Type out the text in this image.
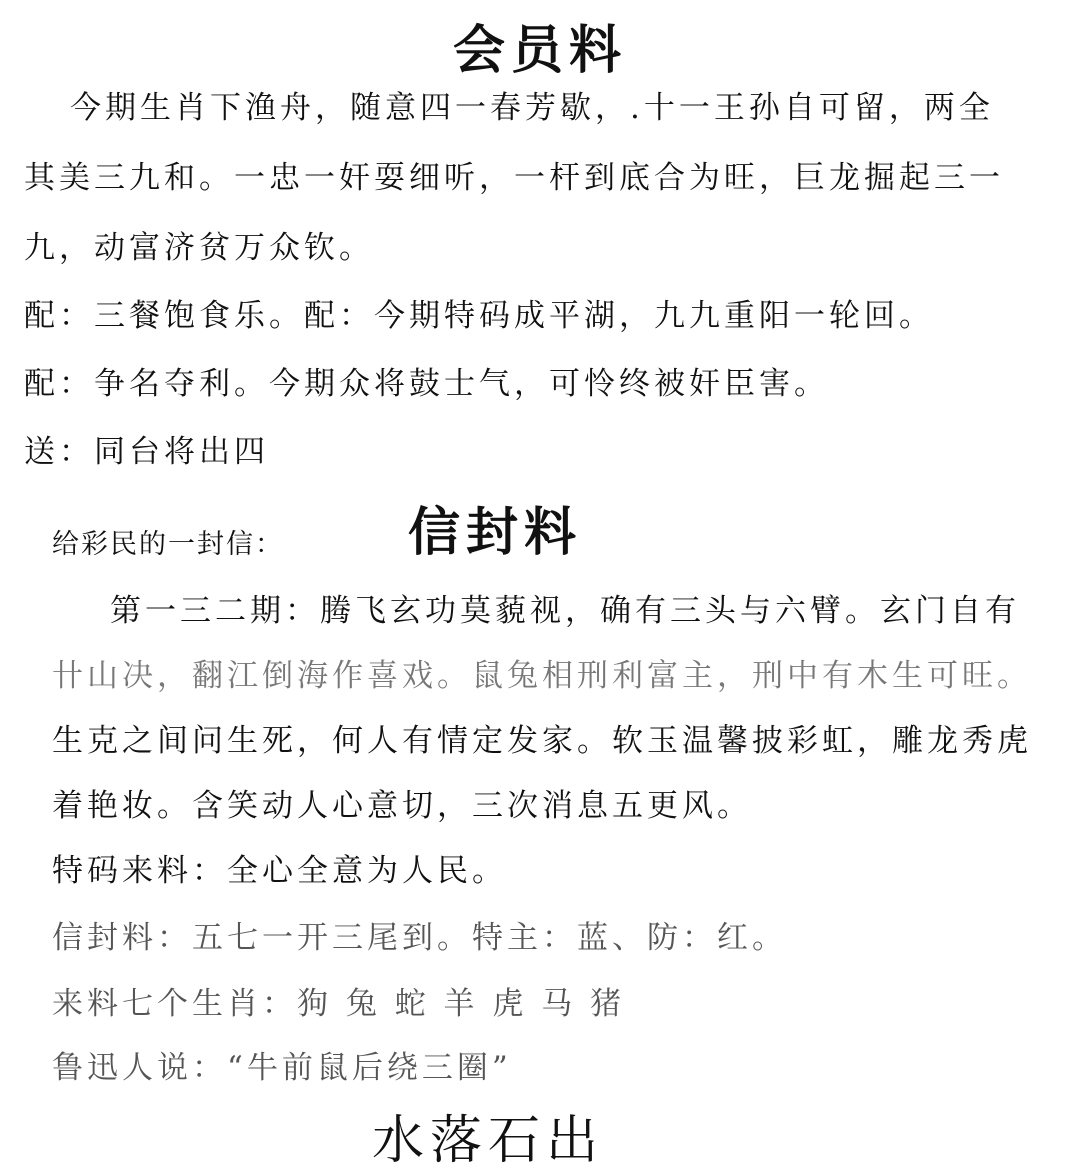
会员料
今期生肖下渔舟，随意四一春芳歇，.十一王孙自可留，两全
其美三九和。一忠一奸耍细听，一杆到底合为旺，巨龙掘起三一
九，动富济贫万众钦。
配：三餐饱食乐。配：今期特码成平湖，九九重阳一轮回。
配：争名夺利。今期众将鼓士气，可怜终被奸臣害。
送：同台将出四
给彩民的一封信： 信封料
第一三二期：腾飞玄功莫藐视，确有三头与六臂。玄门自有
卄山决，翻江倒海作喜戏。鼠兔相刑利富主，刑中有木生可旺。
生克之间问生死，何人有情定发家。软玉温馨披彩虹，雕龙秀虎
着艳妆。含笑动人心意切，三次消息五更风。
特码来料：全心全意为人民。
信封料：五七一开三尾到。特主：蓝、防：红。
来料七个生肖：狗 兔 蛇 羊 虎 马 猪
鲁迅人说：“牛前鼠后绕三圈”
水落石出
